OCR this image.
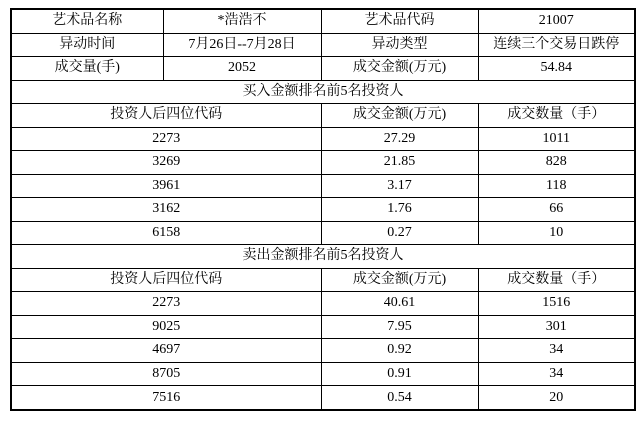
艺术品名称	*浩浩不	艺术品代码	21007
异动时间	7月26日--7月28日	异动类型	连续三个交易日跌停
成交量(手)	2052	成交金额(万元)	54.84
买入金额排名前5名投资人			
投资人后四位代码		成交金额(万元)	成交数量（手）
2273		27.29	1011
3269		21.85	828
3961		3.17	118
3162		1.76	66
6158		0.27	10
卖出金额排名前5名投资人			
投资人后四位代码		成交金额(万元)	成交数量（手）
2273		40.61	1516
9025		7.95	301
4697		0.92	34
8705		0.91	34
7516		0.54	20
